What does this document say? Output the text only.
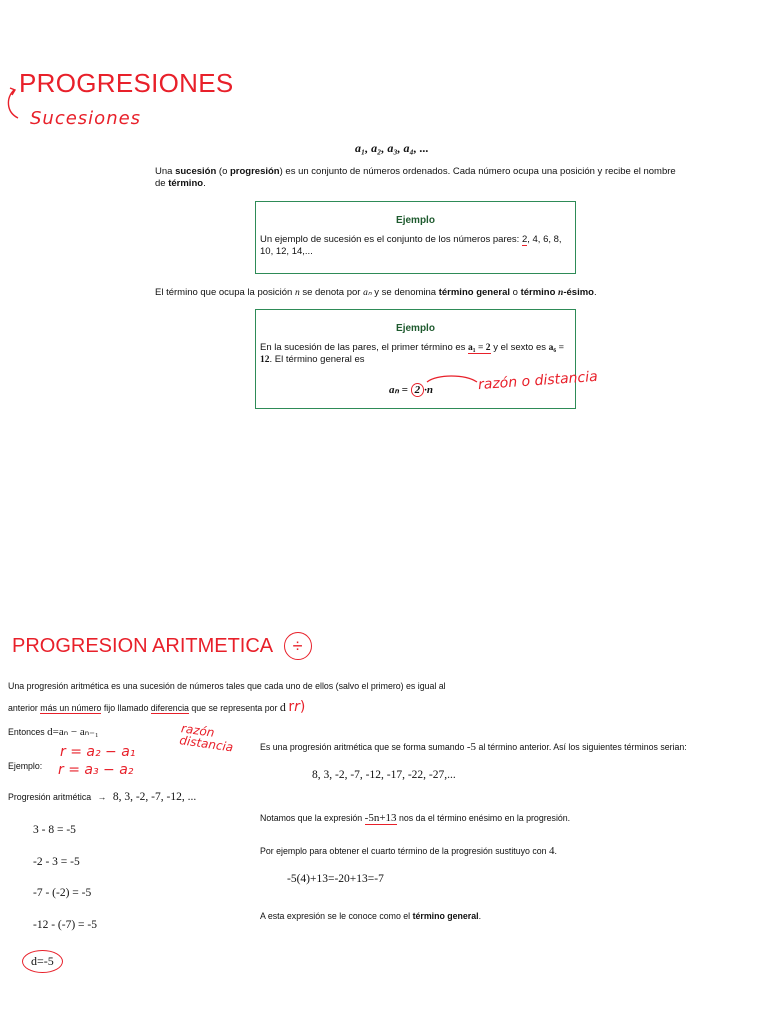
PROGRESIONES
Sucesiones
a₁, a₂, a₃, a₄, ...
Una sucesión (o progresión) es un conjunto de números ordenados. Cada número ocupa una posición y recibe el nombre de término.
Ejemplo
Un ejemplo de sucesión es el conjunto de los números pares: 2, 4, 6, 8, 10, 12, 14,...
El término que ocupa la posición n se denota por aₙ y se denomina término general o término n-ésimo.
Ejemplo
En la sucesión de las pares, el primer término es a₁ = 2 y el sexto es a₆ = 12. El término general es
aₙ = 2 ·n	razón o distancia
PROGRESION ARITMETICA ÷
Una progresión aritmética es una sucesión de números tales que cada uno de ellos (salvo el primero) es igual al
anterior más un número fijo llamado diferencia que se representa por d rr)
razón distancia
Entonces d=aₙ − aₙ₋₁
r = a₂ − a₁
Ejemplo: r = a₃ − a₂
Progresión aritmética → 8, 3, -2, -7, -12, ...
3 - 8 = -5
-2 - 3 = -5
-7 - (-2) = -5
-12 - (-7) = -5
d=-5
Es una progresión aritmética que se forma sumando -5 al término anterior. Así los siguientes términos serian:
8, 3, -2, -7, -12, -17, -22, -27,...
Notamos que la expresión -5n+13 nos da el término enésimo en la progresión.
Por ejemplo para obtener el cuarto término de la progresión sustituyo con 4.
-5(4)+13=-20+13=-7
A esta expresión se le conoce como el término general.
